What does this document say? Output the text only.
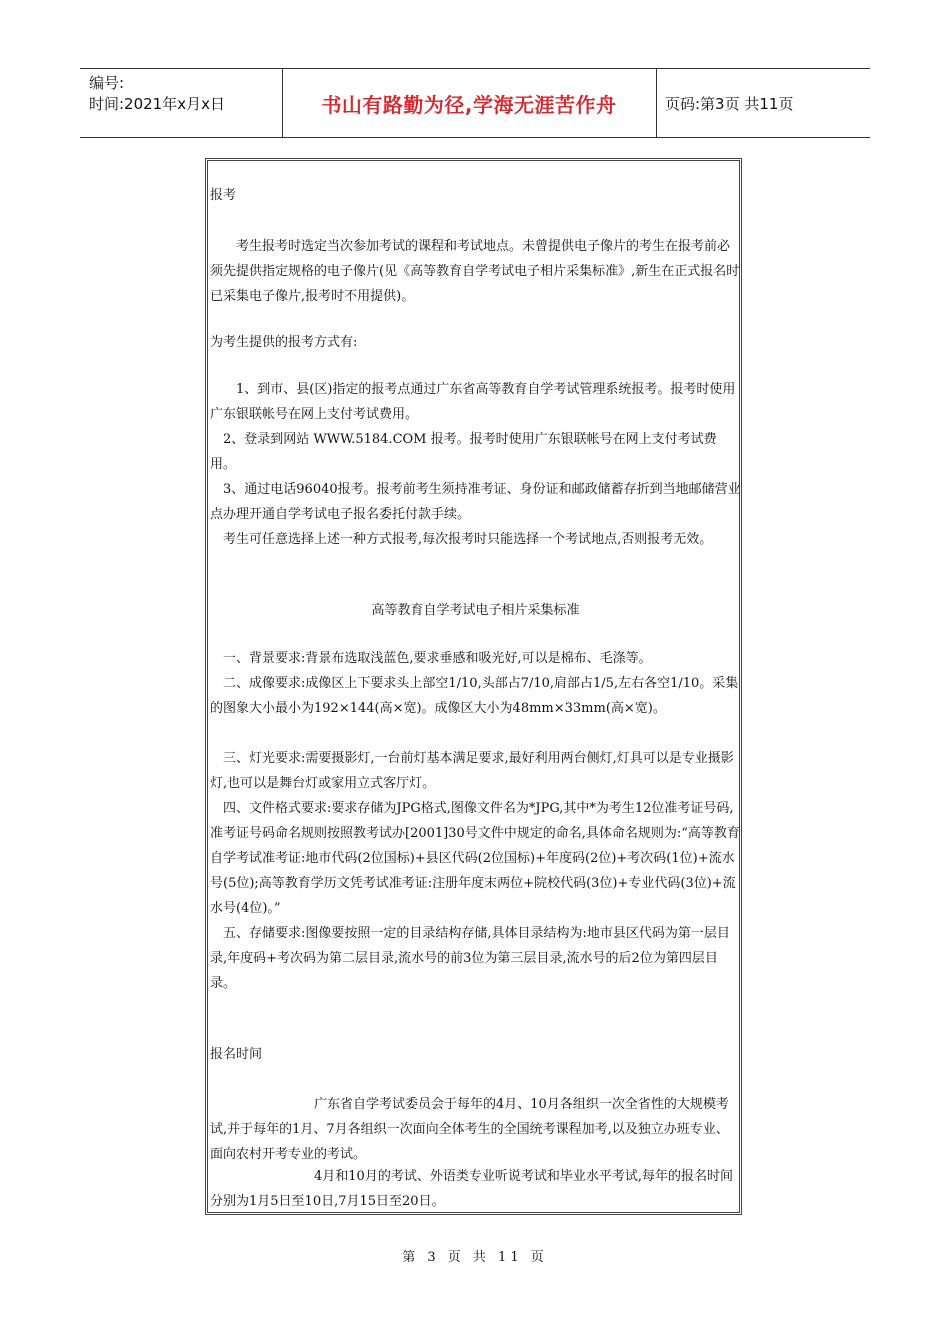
编号:
时间:2021年x月x日	书山有路勤为径,学海无涯苦作舟	页码:第3页 共11页
报考
　　考生报考时选定当次参加考试的课程和考试地点。未曾提供电子像片的考生在报考前必须先提供指定规格的电子像片(见《高等教育自学考试电子相片采集标准》,新生在正式报名时已采集电子像片,报考时不用提供)。
为考生提供的报考方式有:
　　1、到市、县(区)指定的报考点通过广东省高等教育自学考试管理系统报考。报考时使用广东银联帐号在网上支付考试费用。
　2、登录到网站 WWW.5184.COM 报考。报考时使用广东银联帐号在网上支付考试费用。
　3、通过电话96040报考。报考前考生须持准考证、身份证和邮政储蓄存折到当地邮储营业点办理开通自学考试电子报名委托付款手续。
　考生可任意选择上述一种方式报考,每次报考时只能选择一个考试地点,否则报考无效。
高等教育自学考试电子相片采集标准
　一、背景要求:背景布选取浅蓝色,要求垂感和吸光好,可以是棉布、毛涤等。
　二、成像要求:成像区上下要求头上部空1/10,头部占7/10,肩部占1/5,左右各空1/10。采集的图象大小最小为192×144(高×宽)。成像区大小为48mm×33mm(高×宽)。
　三、灯光要求:需要摄影灯,一台前灯基本满足要求,最好利用两台侧灯,灯具可以是专业摄影灯,也可以是舞台灯或家用立式客厅灯。
　四、文件格式要求:要求存储为JPG格式,图像文件名为*JPG,其中*为考生12位准考证号码,准考证号码命名规则按照教考试办[2001]30号文件中规定的命名,具体命名规则为:“高等教育自学考试准考证:地市代码(2位国标)+县区代码(2位国标)+年度码(2位)+考次码(1位)+流水号(5位);高等教育学历文凭考试准考证:注册年度末两位+院校代码(3位)+专业代码(3位)+流水号(4位)。”
　五、存储要求:图像要按照一定的目录结构存储,具体目录结构为:地市县区代码为第一层目录,年度码+考次码为第二层目录,流水号的前3位为第三层目录,流水号的后2位为第四层目录。
报名时间
　　　　　　　　广东省自学考试委员会于每年的4月、10月各组织一次全省性的大规模考试,并于每年的1月、7月各组织一次面向全体考生的全国统考课程加考,以及独立办班专业、面向农村开考专业的考试。
　　　　　　　　4月和10月的考试、外语类专业听说考试和毕业水平考试,每年的报名时间分别为1月5日至10日,7月15日至20日。
第 3 页 共 11 页
